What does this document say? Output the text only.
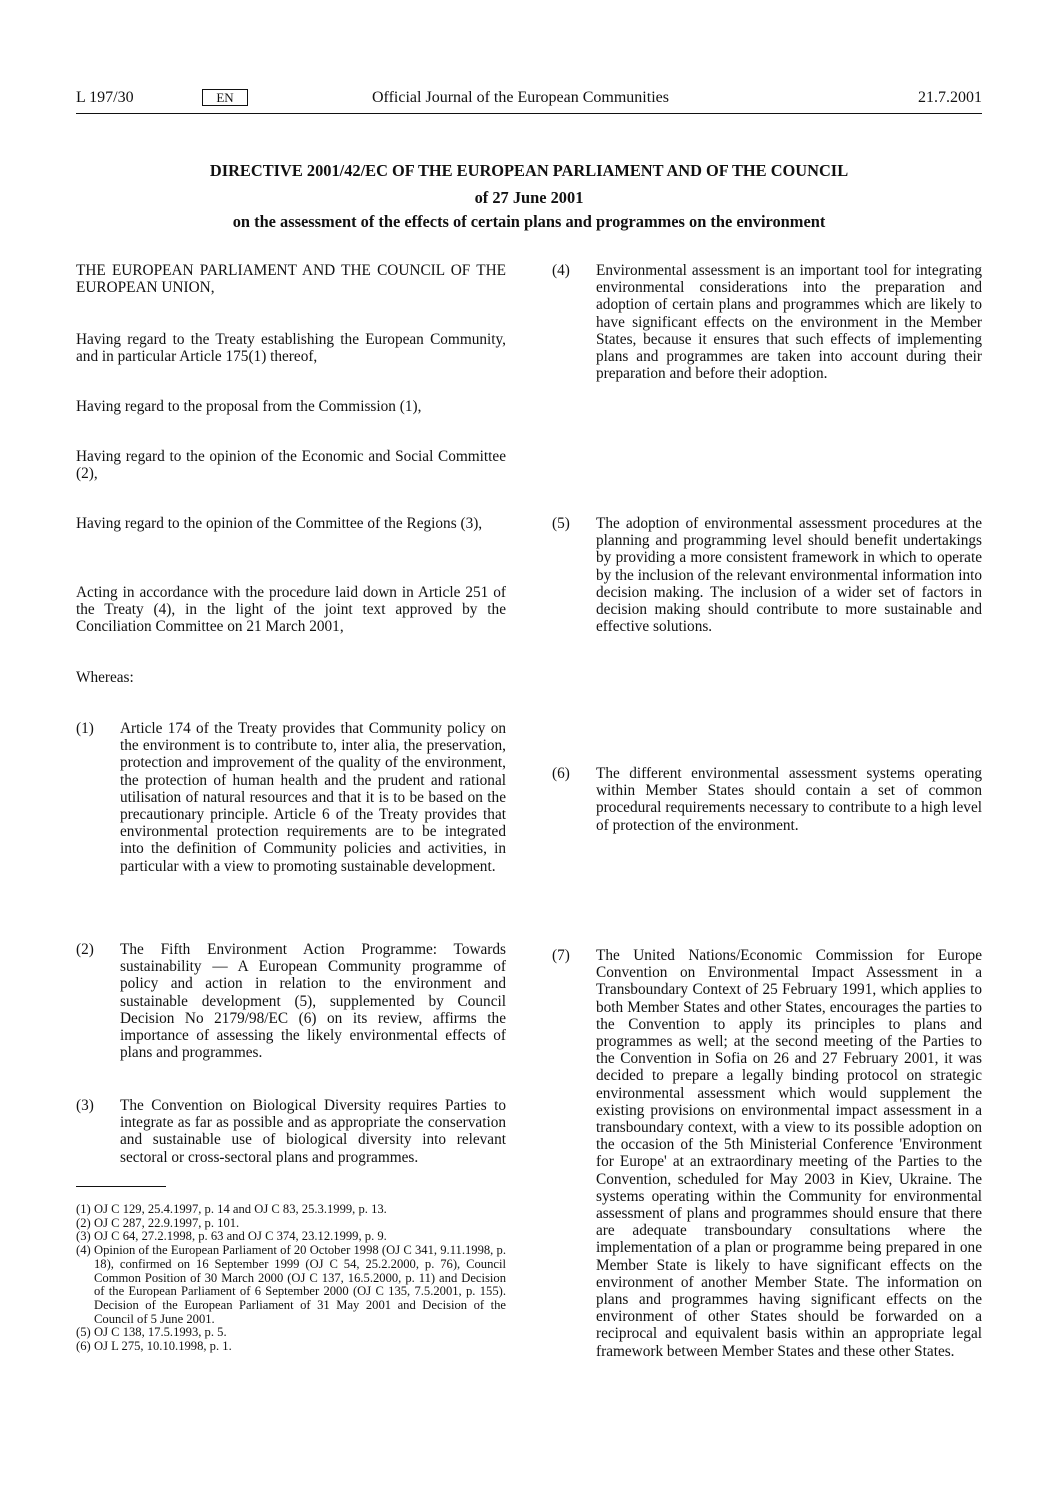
L 197/30	EN	Official Journal of the European Communities	21.7.2001
DIRECTIVE 2001/42/EC OF THE EUROPEAN PARLIAMENT AND OF THE COUNCIL
of 27 June 2001
on the assessment of the effects of certain plans and programmes on the environment
THE EUROPEAN PARLIAMENT AND THE COUNCIL OF THE EUROPEAN UNION,
Having regard to the Treaty establishing the European Community, and in particular Article 175(1) thereof,
Having regard to the proposal from the Commission (1),
Having regard to the opinion of the Economic and Social Committee (2),
Having regard to the opinion of the Committee of the Regions (3),
Acting in accordance with the procedure laid down in Article 251 of the Treaty (4), in the light of the joint text approved by the Conciliation Committee on 21 March 2001,
Whereas:
(1) Article 174 of the Treaty provides that Community policy on the environment is to contribute to, inter alia, the preservation, protection and improvement of the quality of the environment, the protection of human health and the prudent and rational utilisation of natural resources and that it is to be based on the precautionary principle. Article 6 of the Treaty provides that environmental protection requirements are to be integrated into the definition of Community policies and activities, in particular with a view to promoting sustainable development.
(2) The Fifth Environment Action Programme: Towards sustainability — A European Community programme of policy and action in relation to the environment and sustainable development (5), supplemented by Council Decision No 2179/98/EC (6) on its review, affirms the importance of assessing the likely environmental effects of plans and programmes.
(3) The Convention on Biological Diversity requires Parties to integrate as far as possible and as appropriate the conservation and sustainable use of biological diversity into relevant sectoral or cross-sectoral plans and programmes.
(4) Environmental assessment is an important tool for integrating environmental considerations into the preparation and adoption of certain plans and programmes which are likely to have significant effects on the environment in the Member States, because it ensures that such effects of implementing plans and programmes are taken into account during their preparation and before their adoption.
(5) The adoption of environmental assessment procedures at the planning and programming level should benefit undertakings by providing a more consistent framework in which to operate by the inclusion of the relevant environmental information into decision making. The inclusion of a wider set of factors in decision making should contribute to more sustainable and effective solutions.
(6) The different environmental assessment systems operating within Member States should contain a set of common procedural requirements necessary to contribute to a high level of protection of the environment.
(7) The United Nations/Economic Commission for Europe Convention on Environmental Impact Assessment in a Transboundary Context of 25 February 1991, which applies to both Member States and other States, encourages the parties to the Convention to apply its principles to plans and programmes as well; at the second meeting of the Parties to the Convention in Sofia on 26 and 27 February 2001, it was decided to prepare a legally binding protocol on strategic environmental assessment which would supplement the existing provisions on environmental impact assessment in a transboundary context, with a view to its possible adoption on the occasion of the 5th Ministerial Conference 'Environment for Europe' at an extraordinary meeting of the Parties to the Convention, scheduled for May 2003 in Kiev, Ukraine. The systems operating within the Community for environmental assessment of plans and programmes should ensure that there are adequate transboundary consultations where the implementation of a plan or programme being prepared in one Member State is likely to have significant effects on the environment of another Member State. The information on plans and programmes having significant effects on the environment of other States should be forwarded on a reciprocal and equivalent basis within an appropriate legal framework between Member States and these other States.
(1) OJ C 129, 25.4.1997, p. 14 and OJ C 83, 25.3.1999, p. 13.
(2) OJ C 287, 22.9.1997, p. 101.
(3) OJ C 64, 27.2.1998, p. 63 and OJ C 374, 23.12.1999, p. 9.
(4) Opinion of the European Parliament of 20 October 1998 (OJ C 341, 9.11.1998, p. 18), confirmed on 16 September 1999 (OJ C 54, 25.2.2000, p. 76), Council Common Position of 30 March 2000 (OJ C 137, 16.5.2000, p. 11) and Decision of the European Parliament of 6 September 2000 (OJ C 135, 7.5.2001, p. 155). Decision of the European Parliament of 31 May 2001 and Decision of the Council of 5 June 2001.
(5) OJ C 138, 17.5.1993, p. 5.
(6) OJ L 275, 10.10.1998, p. 1.
